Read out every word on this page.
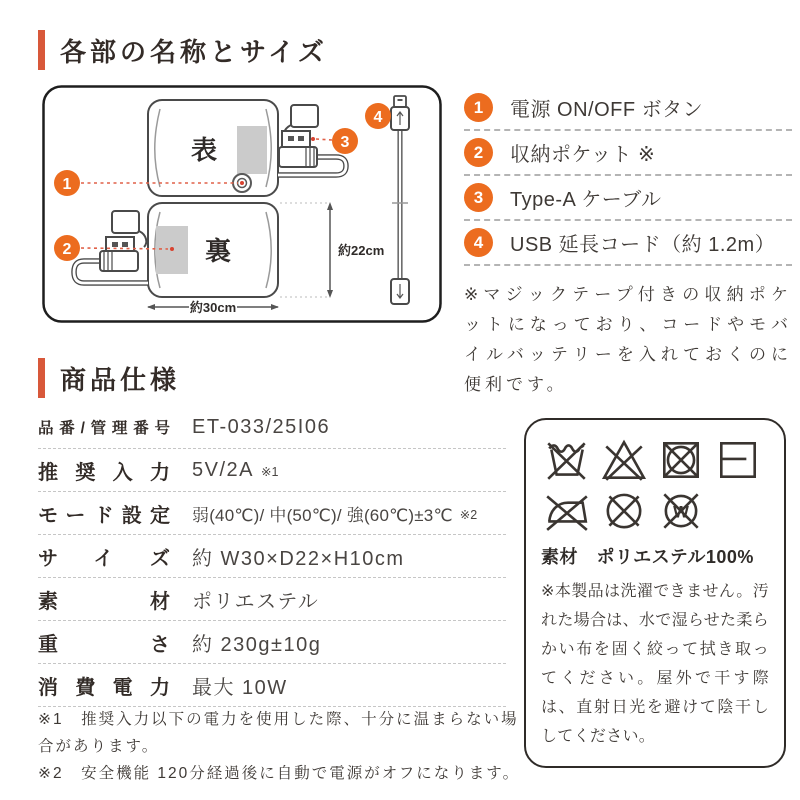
各部の名称とサイズ
表	3
1
裏
2	約22cm
約30cm
4
1	電源 ON/OFF ボタン
2	収納ポケット ※
3	Type-A ケーブル
4	USB 延長コード（約 1.2m）
※マジックテープ付きの収納ポケットになっており、コードやモバイルバッテリーを入れておくのに便利です。
商品仕様
品番/管理番号 ET-033/25I06
推奨入力 5V/2A ※1
モード設定 弱(40℃)/ 中(50℃)/ 強(60℃)±3℃ ※2
サイズ 約 W30×D22×H10cm
素材 ポリエステル
重さ 約 230g±10g
消費電力 最大 10W
※1　推奨入力以下の電力を使用した際、十分に温まらない場合があります。
※2　安全機能 120分経過後に自動で電源がオフになります。
W
素材　ポリエステル100%
※本製品は洗濯できません。汚れた場合は、水で湿らせた柔らかい布を固く絞って拭き取ってください。屋外で干す際は、直射日光を避けて陰干ししてください。
